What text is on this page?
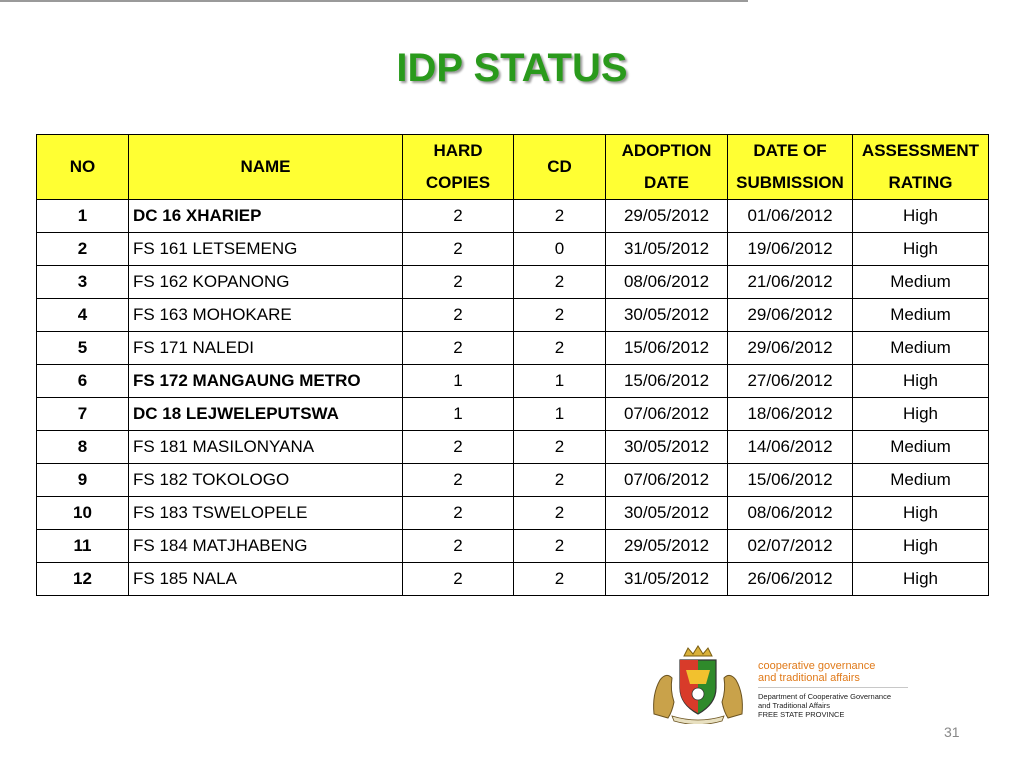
IDP STATUS
NO	NAME	HARD COPIES	CD	ADOPTION DATE	DATE OF SUBMISSION	ASSESSMENT RATING
1	DC 16 XHARIEP	2	2	29/05/2012	01/06/2012	High
2	FS 161 LETSEMENG	2	0	31/05/2012	19/06/2012	High
3	FS 162 KOPANONG	2	2	08/06/2012	21/06/2012	Medium
4	FS 163 MOHOKARE	2	2	30/05/2012	29/06/2012	Medium
5	FS 171 NALEDI	2	2	15/06/2012	29/06/2012	Medium
6	FS 172 MANGAUNG METRO	1	1	15/06/2012	27/06/2012	High
7	DC 18 LEJWELEPUTSWA	1	1	07/06/2012	18/06/2012	High
8	FS 181 MASILONYANA	2	2	30/05/2012	14/06/2012	Medium
9	FS 182 TOKOLOGO	2	2	07/06/2012	15/06/2012	Medium
10	FS 183 TSWELOPELE	2	2	30/05/2012	08/06/2012	High
11	FS 184 MATJHABENG	2	2	29/05/2012	02/07/2012	High
12	FS 185 NALA	2	2	31/05/2012	26/06/2012	High
cooperative governance
and traditional affairs
Department of Cooperative Governance
and Traditional Affairs
FREE STATE PROVINCE
31
